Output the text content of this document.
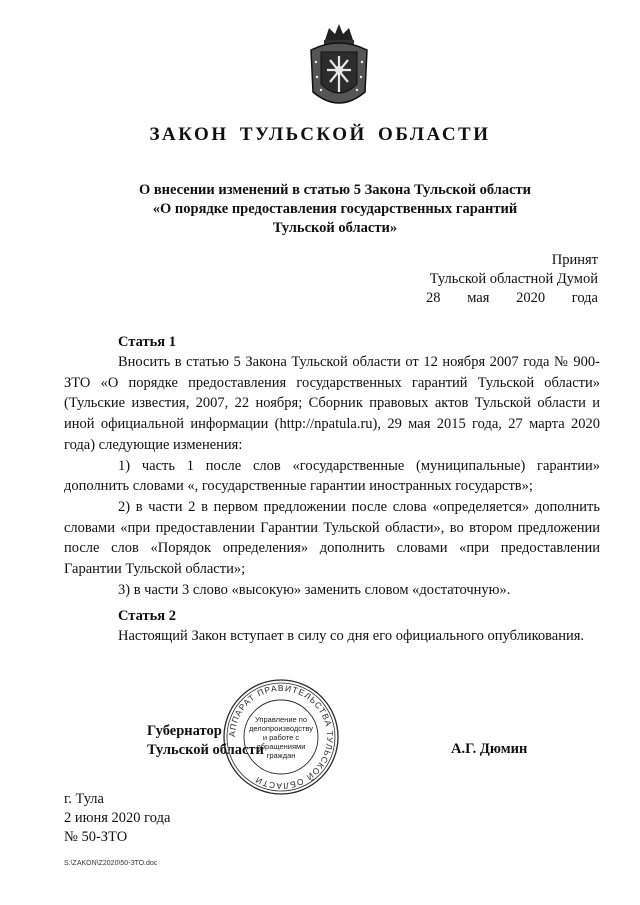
ЗАКОН ТУЛЬСКОЙ ОБЛАСТИ
О внесении изменений в статью 5 Закона Тульской области
«О порядке предоставления государственных гарантий
Тульской области»
Принят
Тульской областной Думой
28 мая 2020 года
Статья 1

Вносить в статью 5 Закона Тульской области от 12 ноября 2007 года № 900-ЗТО «О порядке предоставления государственных гарантий Тульской области» (Тульские известия, 2007, 22 ноября; Сборник правовых актов Тульской области и иной официальной информации (http://npatula.ru), 29 мая 2015 года, 27 марта 2020 года) следующие изменения:

1) часть 1 после слов «государственные (муниципальные) гарантии» дополнить словами «, государственные гарантии иностранных государств»;

2) в части 2 в первом предложении после слова «определяется» дополнить словами «при предоставлении Гарантии Тульской области», во втором предложении после слов «Порядок определения» дополнить словами «при предоставлении Гарантии Тульской области»;

3) в части 3 слово «высокую» заменить словом «достаточную».

Статья 2

Настоящий Закон вступает в силу со дня его официального опубликования.

АППАРАТ ПРАВИТЕЛЬСТВА ТУЛЬСКОЙ ОБЛАСТИ
Управление по делопроизводству и работе с обращениями граждан
Губернатор
Тульской области	А.Г. Дюмин
г. Тула
2 июня 2020 года
№ 50-ЗТО
S:\ZAKON\Z2020\50-ЗТО.doc
